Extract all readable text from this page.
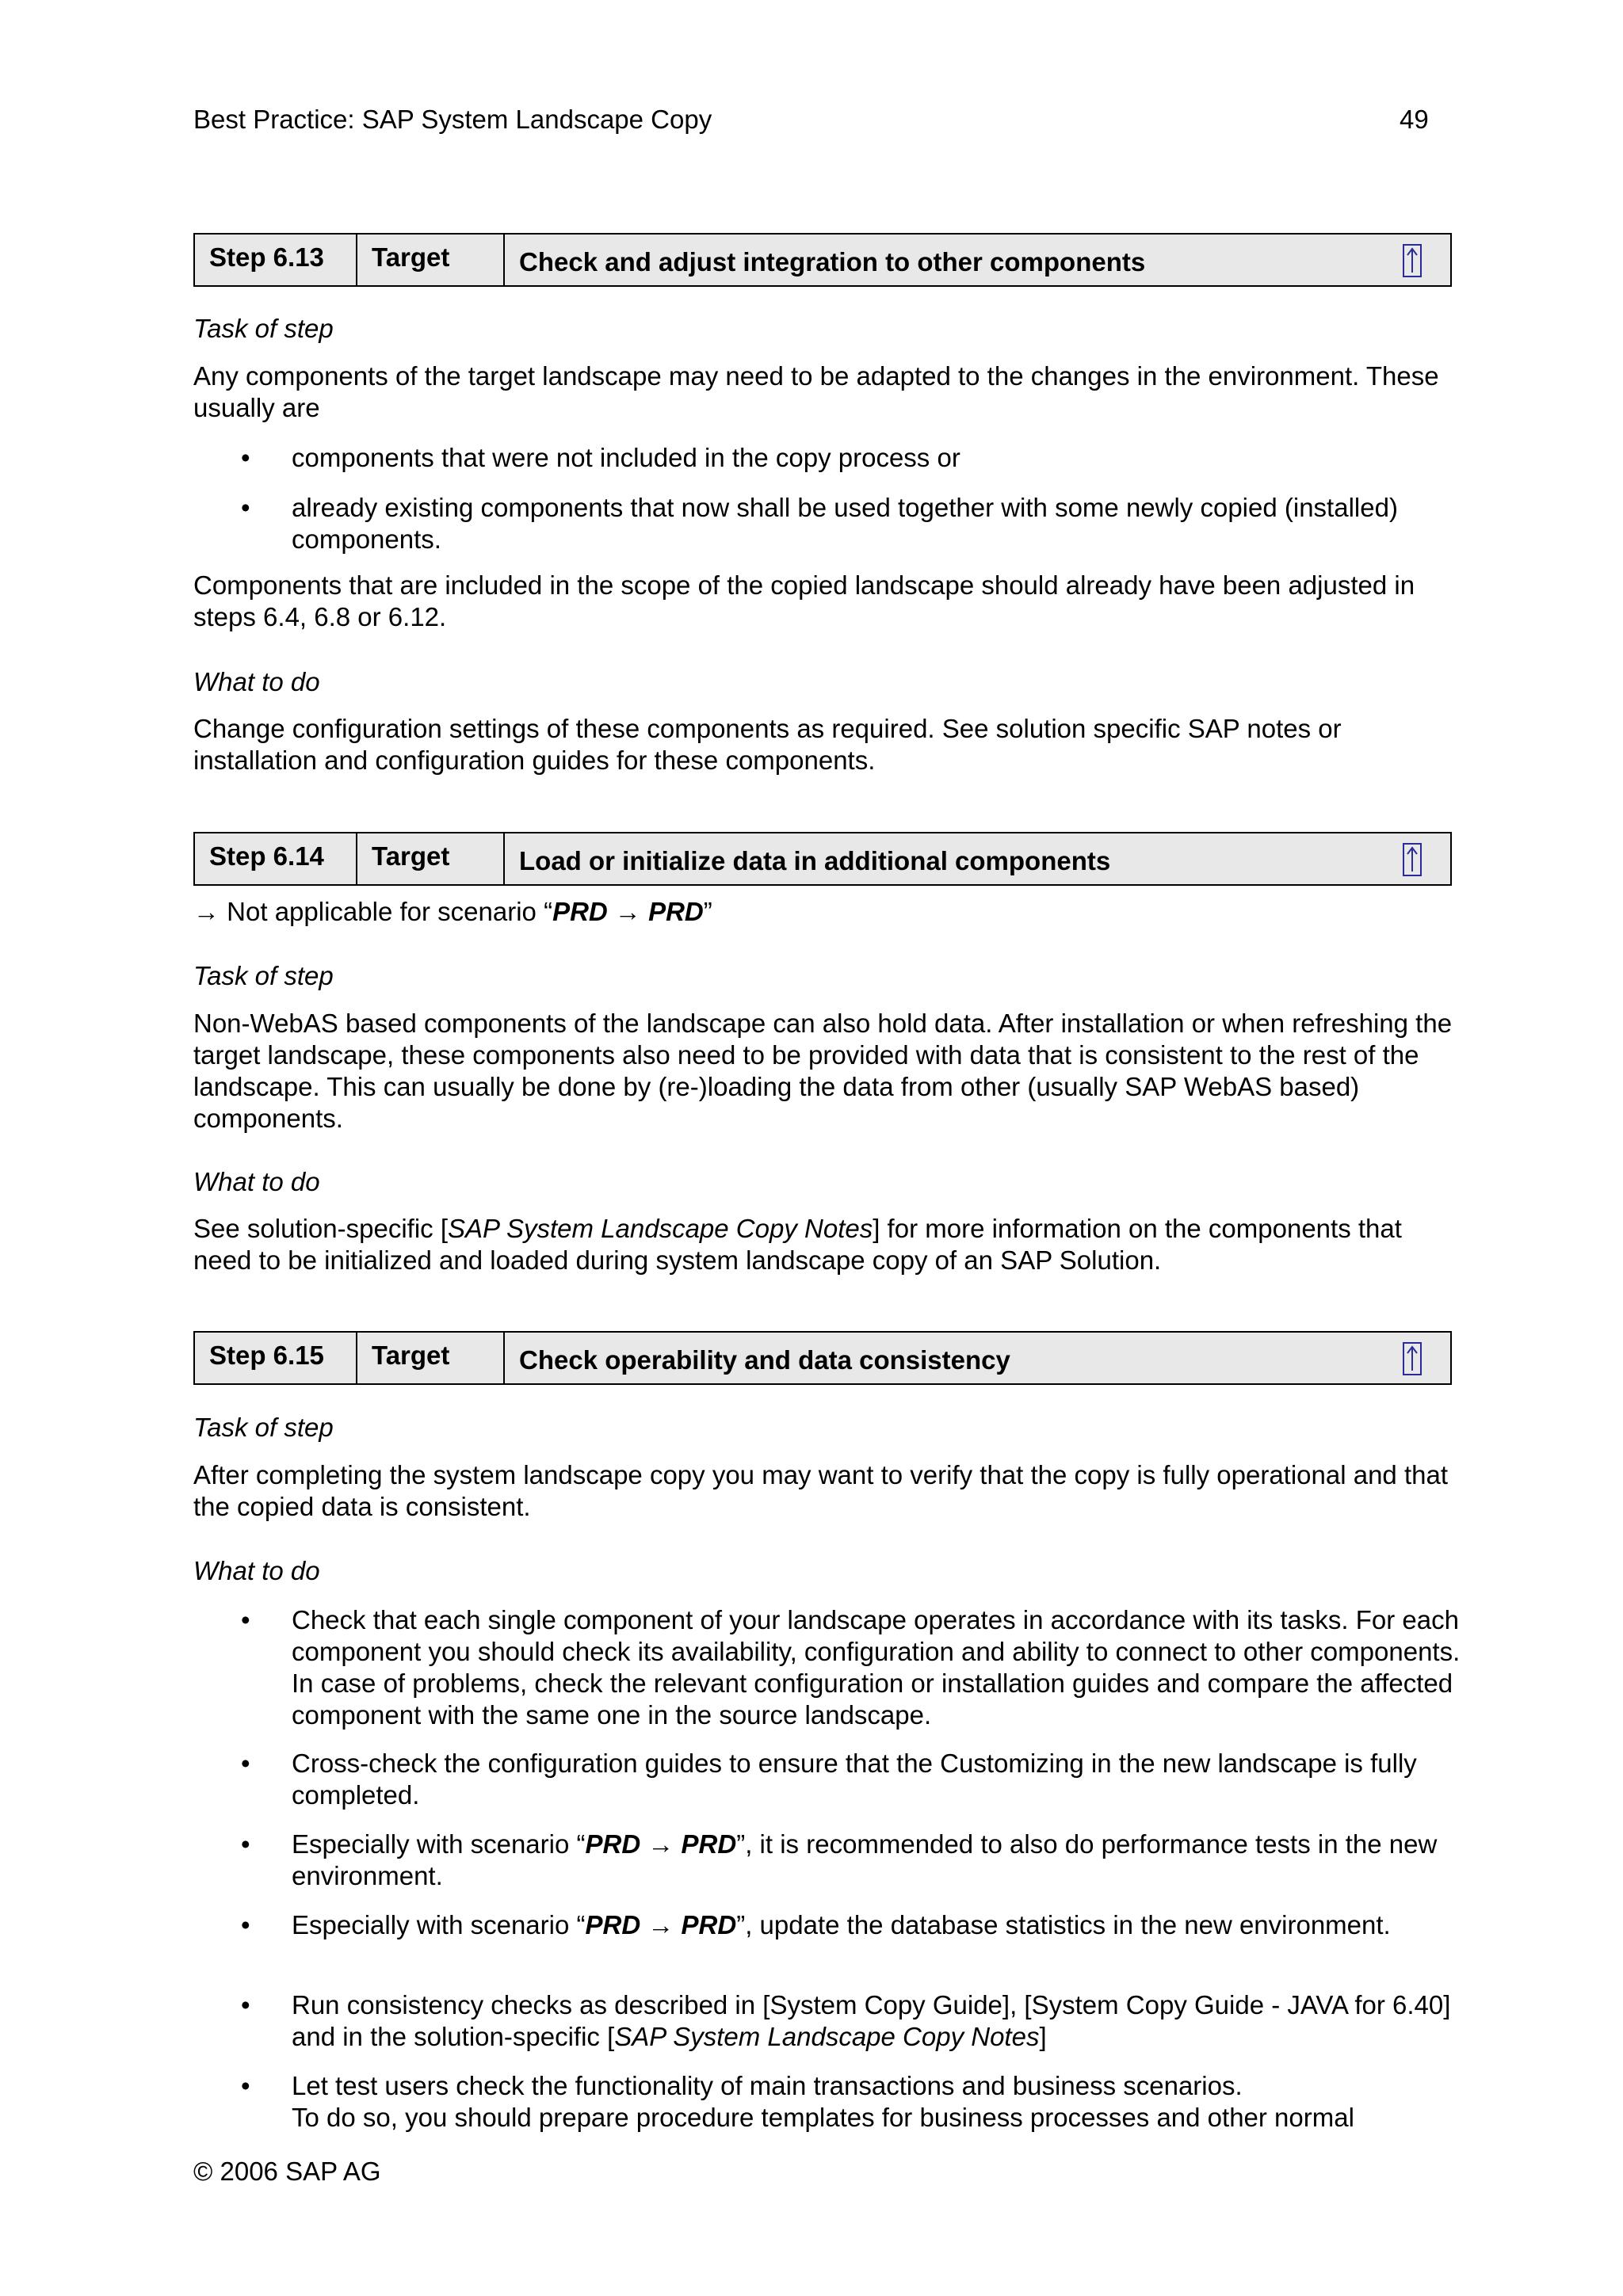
Best Practice: SAP System Landscape Copy	49
Step 6.13 Target	Check and adjust integration to other components
Task of step
Any components of the target landscape may need to be adapted to the changes in the environment. These usually are
• components that were not included in the copy process or
• already existing components that now shall be used together with some newly copied (installed) components.
Components that are included in the scope of the copied landscape should already have been adjusted in steps 6.4, 6.8 or 6.12.
What to do
Change configuration settings of these components as required. See solution specific SAP notes or installation and configuration guides for these components.
Step 6.14 Target	Load or initialize data in additional components
→ Not applicable for scenario “PRD → PRD”
Task of step
Non-WebAS based components of the landscape can also hold data. After installation or when refreshing the target landscape, these components also need to be provided with data that is consistent to the rest of the landscape. This can usually be done by (re-)loading the data from other (usually SAP WebAS based) components.
What to do
See solution-specific [SAP System Landscape Copy Notes] for more information on the components that need to be initialized and loaded during system landscape copy of an SAP Solution.
Step 6.15 Target	Check operability and data consistency
Task of step
After completing the system landscape copy you may want to verify that the copy is fully operational and that the copied data is consistent.
What to do
• Check that each single component of your landscape operates in accordance with its tasks. For each component you should check its availability, configuration and ability to connect to other components. In case of problems, check the relevant configuration or installation guides and compare the affected component with the same one in the source landscape.
• Cross-check the configuration guides to ensure that the Customizing in the new landscape is fully completed.
• Especially with scenario “PRD → PRD”, it is recommended to also do performance tests in the new environment.
• Especially with scenario “PRD → PRD”, update the database statistics in the new environment.
• Run consistency checks as described in [System Copy Guide], [System Copy Guide - JAVA for 6.40] and in the solution-specific [SAP System Landscape Copy Notes]
• Let test users check the functionality of main transactions and business scenarios.
To do so, you should prepare procedure templates for business processes and other normal
© 2006 SAP AG
